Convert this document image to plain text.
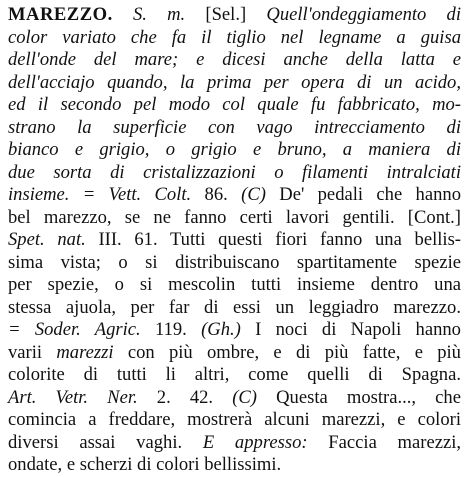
MAREZZO. S. m. [Sel.] Quell'ondeggiamento di
color variato che fa il tiglio nel legname a guisa
dell'onde del mare; e dicesi anche della latta e
dell'acciajo quando, la prima per opera di un acido,
ed il secondo pel modo col quale fu fabbricato, mo-
strano la superficie con vago intrecciamento di
bianco e grigio, o grigio e bruno, a maniera di
due sorta di cristalizzazioni o filamenti intralciati
insieme. = Vett. Colt. 86. (C) De' pedali che hanno
bel marezzo, se ne fanno certi lavori gentili. [Cont.]
Spet. nat. III. 61. Tutti questi fiori fanno una bellis-
sima vista; o si distribuiscano spartitamente spezie
per spezie, o si mescolin tutti insieme dentro una
stessa ajuola, per far di essi un leggiadro marezzo.
= Soder. Agric. 119. (Gh.) I noci di Napoli hanno
varii marezzi con più ombre, e di più fatte, e più
colorite di tutti li altri, come quelli di Spagna.
Art. Vetr. Ner. 2. 42. (C) Questa mostra..., che
comincia a freddare, mostrerà alcuni marezzi, e colori
diversi assai vaghi. E appresso: Faccia marezzi,
ondate, e scherzi di colori bellissimi.
